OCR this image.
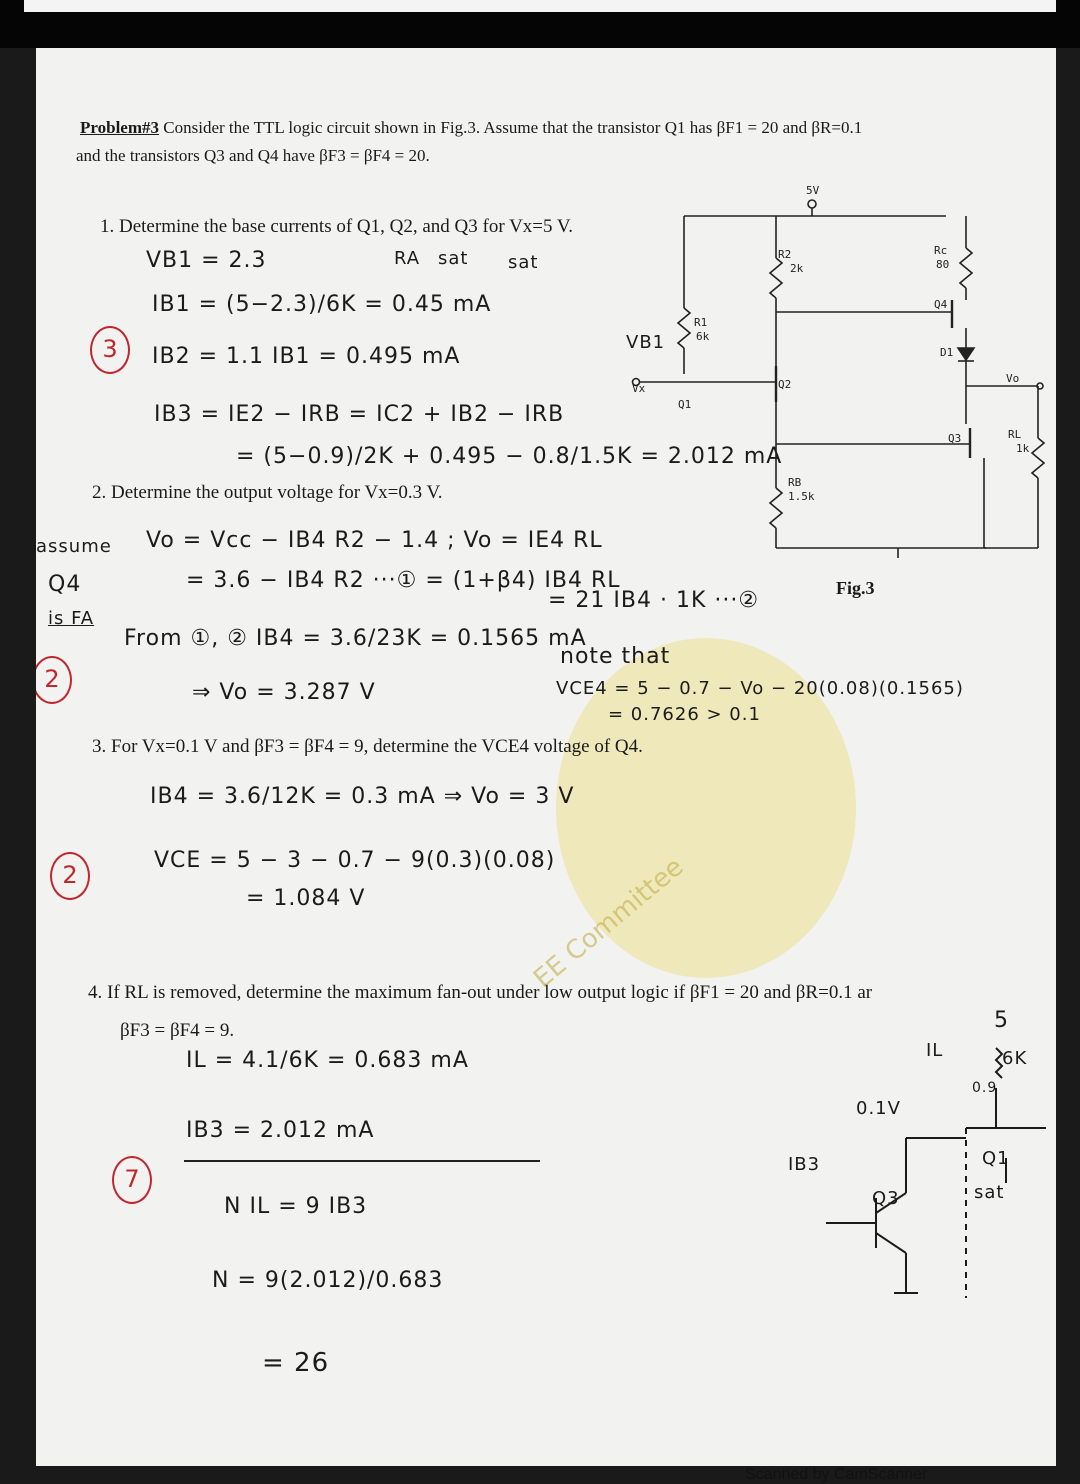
EE Committee
Problem#3 Consider the TTL logic circuit shown in Fig.3. Assume that the transistor Q1 has βF1 = 20 and βR=0.1
and the transistors Q3 and Q4 have βF3 = βF4 = 20.
1. Determine the base currents of Q1, Q2, and Q3 for Vx=5 V.
RA sat sat
VB1 = 2.3
IB1 = (5−2.3)/6K = 0.45 mA
IB2 = 1.1 IB1 = 0.495 mA
IB3 = IE2 − IRB = IC2 + IB2 − IRB
= (5−0.9)/2K + 0.495 − 0.8/1.5K = 2.012 mA
3
2. Determine the output voltage for Vx=0.3 V.
assume
Q4
is FA
Vo = Vcc − IB4 R2 − 1.4 ; Vo = IE4 RL
= 3.6 − IB4 R2 ···① = (1+β4) IB4 RL
= 21 IB4 · 1K ···②
From ①, ② IB4 = 3.6/23K = 0.1565 mA
⇒ Vo = 3.287 V
note that
VCE4 = 5 − 0.7 − Vo − 20(0.08)(0.1565)
= 0.7626 > 0.1
2
3. For Vx=0.1 V and βF3 = βF4 = 9, determine the VCE4 voltage of Q4.
IB4 = 3.6/12K = 0.3 mA ⇒ Vo = 3 V
VCE = 5 − 3 − 0.7 − 9(0.3)(0.08)
= 1.084 V
2
4. If RL is removed, determine the maximum fan-out under low output logic if βF1 = 20 and βR=0.1 ar
βF3 = βF4 = 9.
IL = 4.1/6K = 0.683 mA
IB3 = 2.012 mA
N IL = 9 IB3
N = 9(2.012)/0.683
= 26
7
5
IL	6K
0.9
0.1V
IB3
Q3
Q1
sat
5V
R1
6k
R2
2k
Rc
80
Q4
D1
Q2
Q1
Vx
Vo
Q3	RL
1k
RB
1.5k
VB1
Fig.3
Scanned by CamScanner
